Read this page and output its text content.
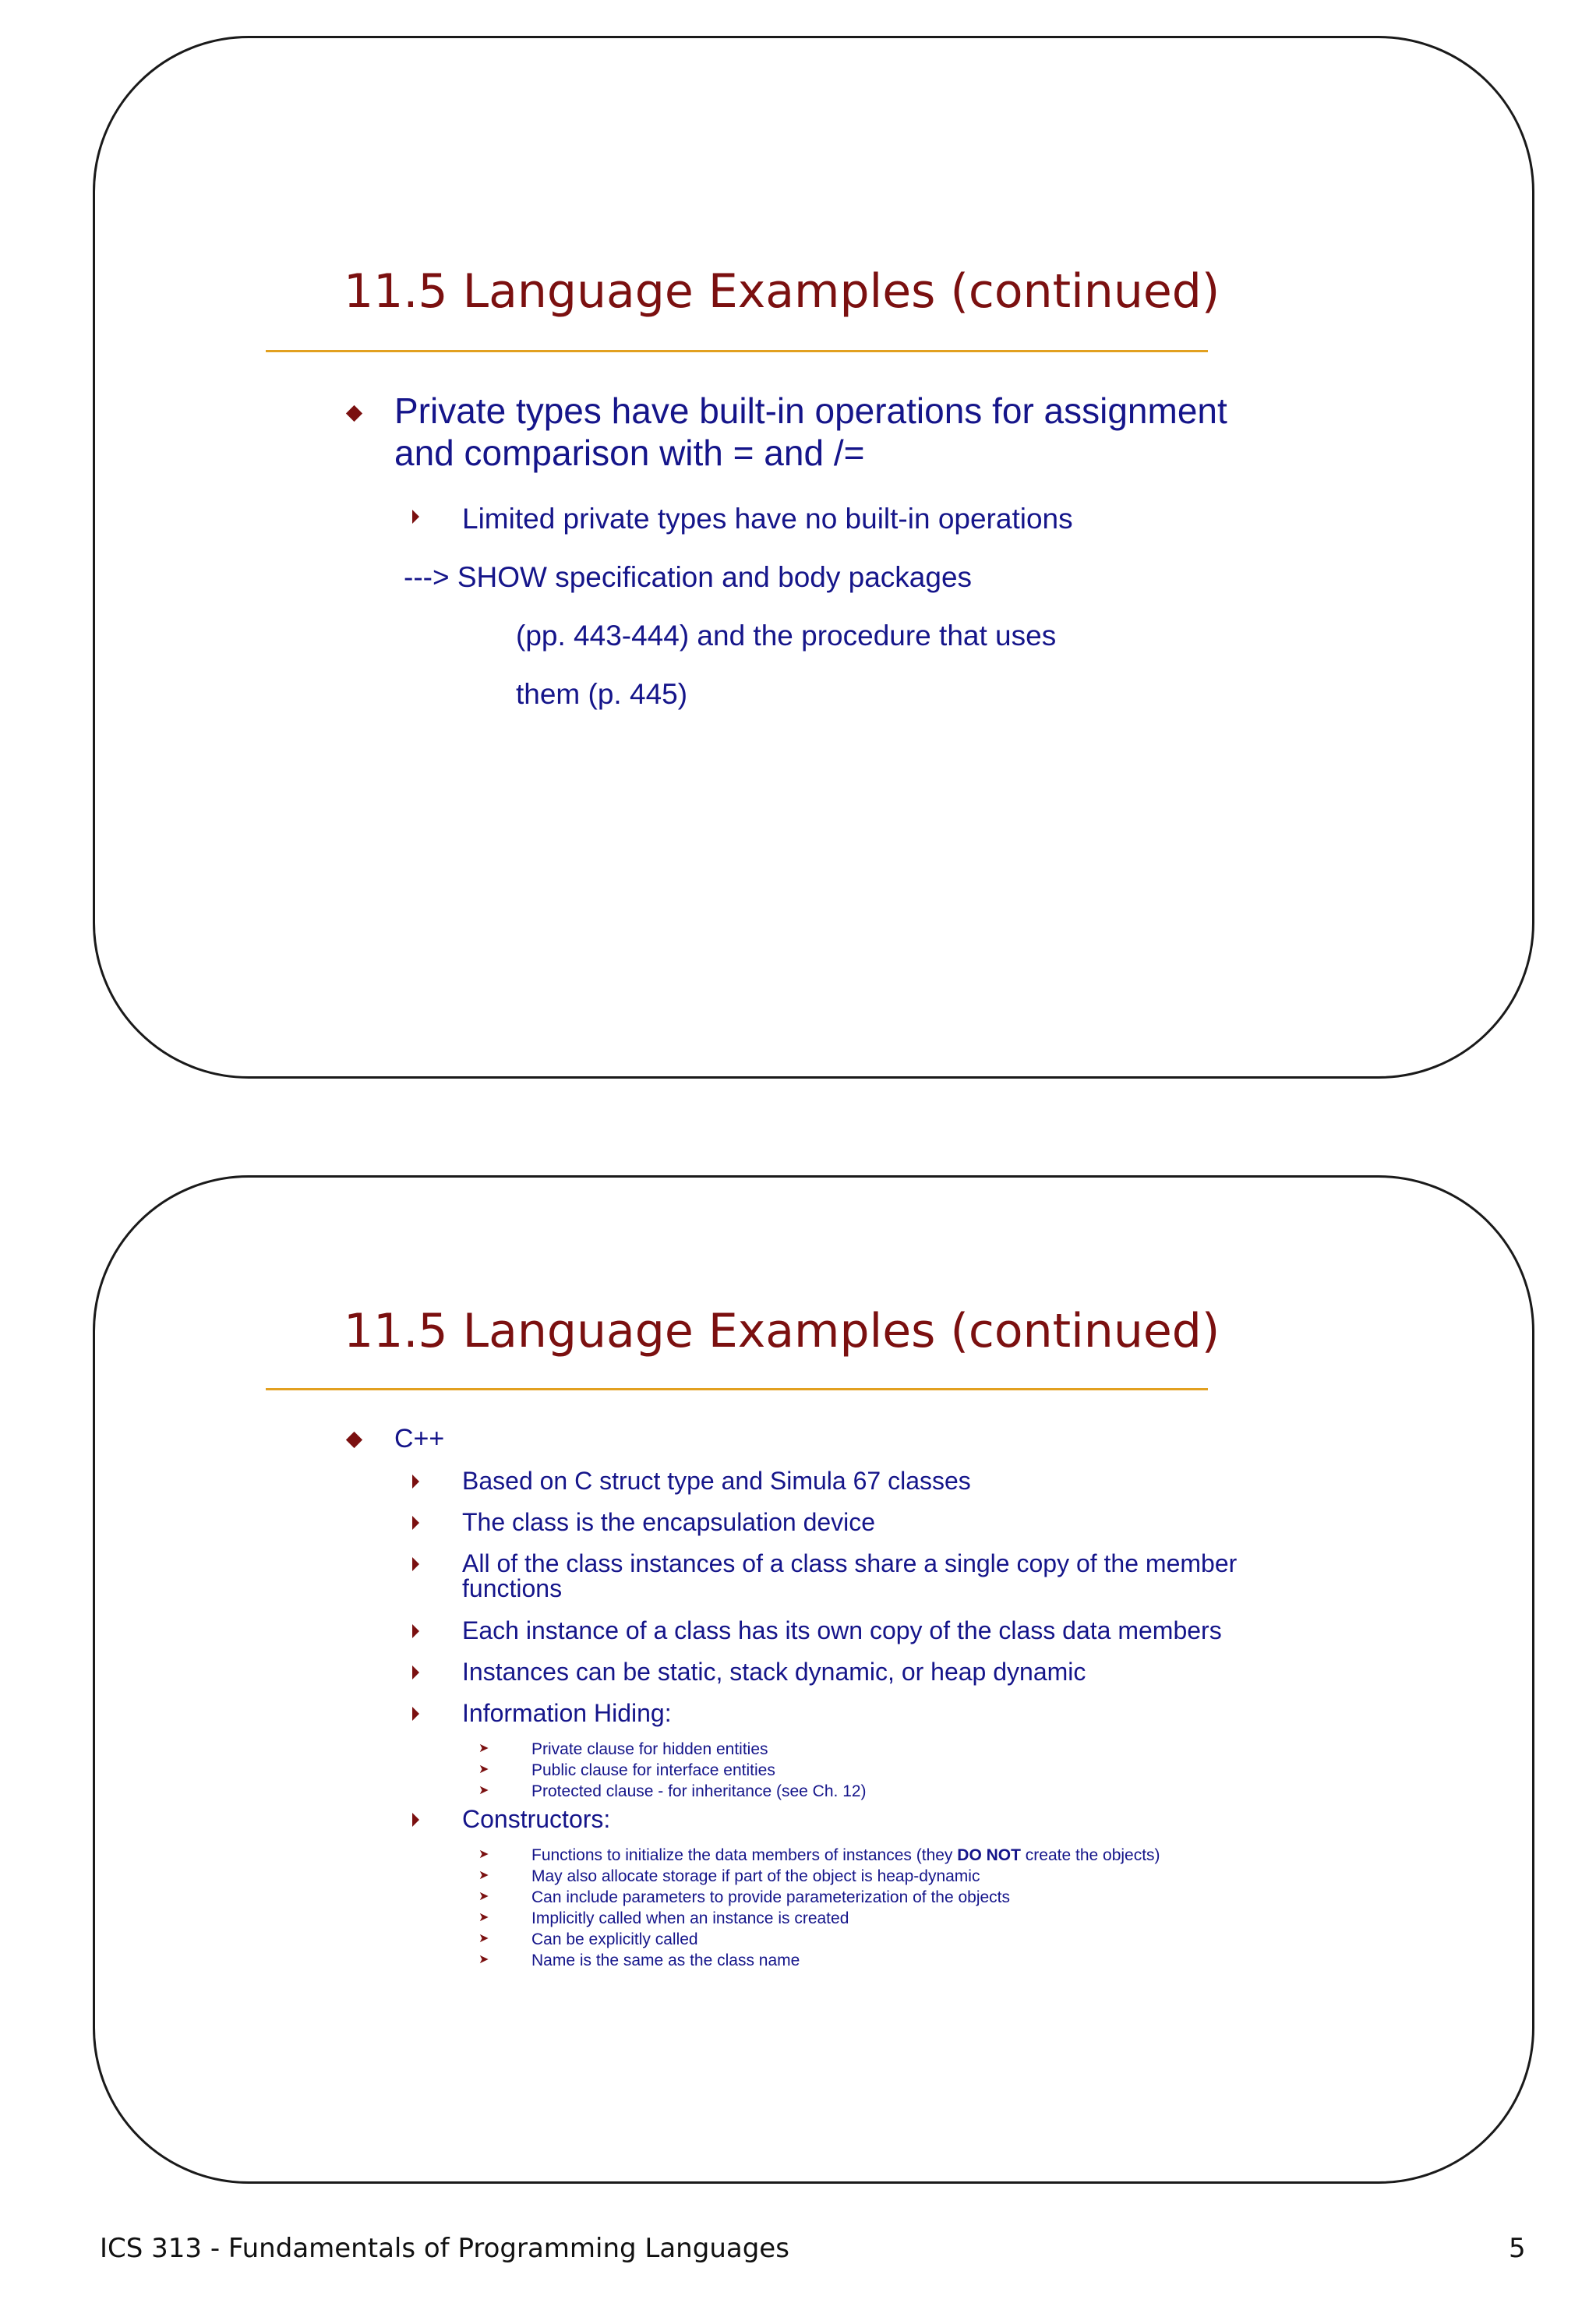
11.5 Language Examples (continued)
Private types have built-in operations for assignment
and comparison with = and /=
Limited private types have no built-in operations
---> SHOW specification and body packages
(pp. 443-444) and the procedure that uses
them (p. 445)
11.5 Language Examples (continued)
C++
Based on C struct type and Simula 67 classes
The class is the encapsulation device
All of the class instances of a class share a single copy of the member
functions
Each instance of a class has its own copy of the class data members
Instances can be static, stack dynamic, or heap dynamic
Information Hiding:
➤	Private clause for hidden entities
➤	Public clause for interface entities
➤	Protected clause - for inheritance (see Ch. 12)
Constructors:
➤	Functions to initialize the data members of instances (they DO NOT create the objects)
➤	May also allocate storage if part of the object is heap-dynamic
➤	Can include parameters to provide parameterization of the objects
➤	Implicitly called when an instance is created
➤	Can be explicitly called
➤	Name is the same as the class name
ICS 313 - Fundamentals of Programming Languages	5
